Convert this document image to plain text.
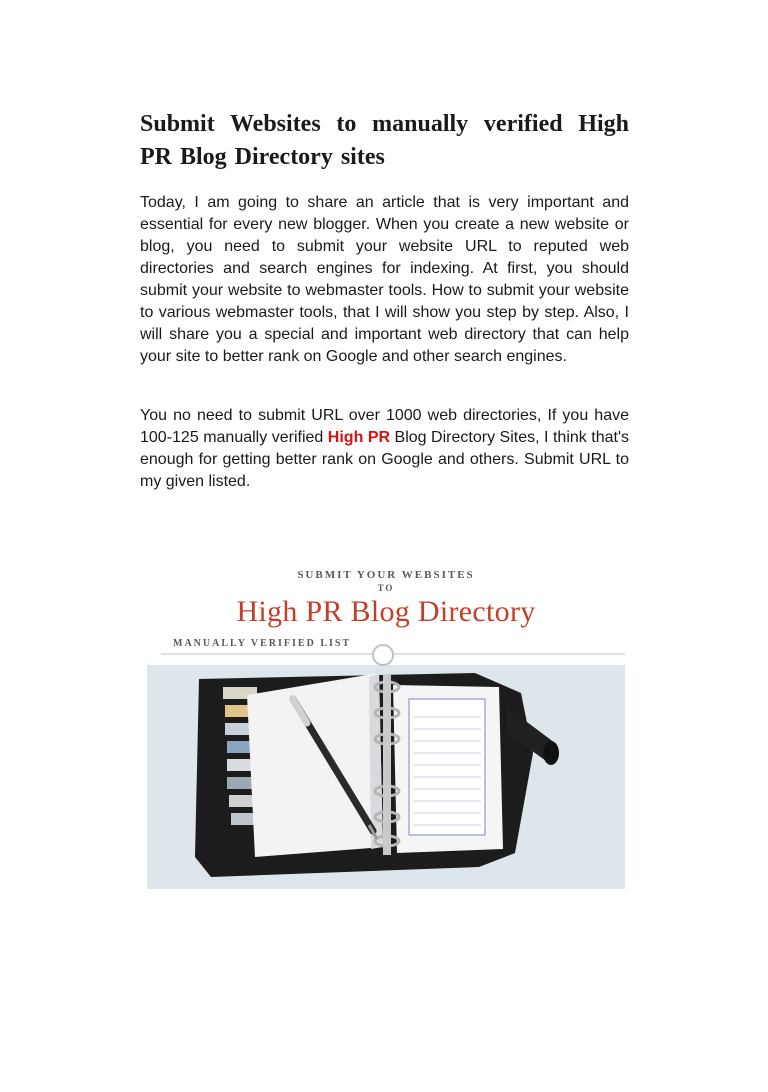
Submit Websites to manually verified High
PR Blog Directory sites

Today, I am going to share an article that is very important and essential for every new blogger. When you create a new website or blog, you need to submit your website URL to reputed web directories and search engines for indexing. At first, you should submit your website to webmaster tools. How to submit your website to various webmaster tools, that I will show you step by step. Also, I will share you a special and important web directory that can help your site to better rank on Google and other search engines.

You no need to submit URL over 1000 web directories, If you have 100-125 manually verified High PR Blog Directory Sites, I think that's enough for getting better rank on Google and others. Submit URL to my given listed.

SUBMIT YOUR WEBSITES
TO
High PR Blog Directory
MANUALLY VERIFIED LIST
